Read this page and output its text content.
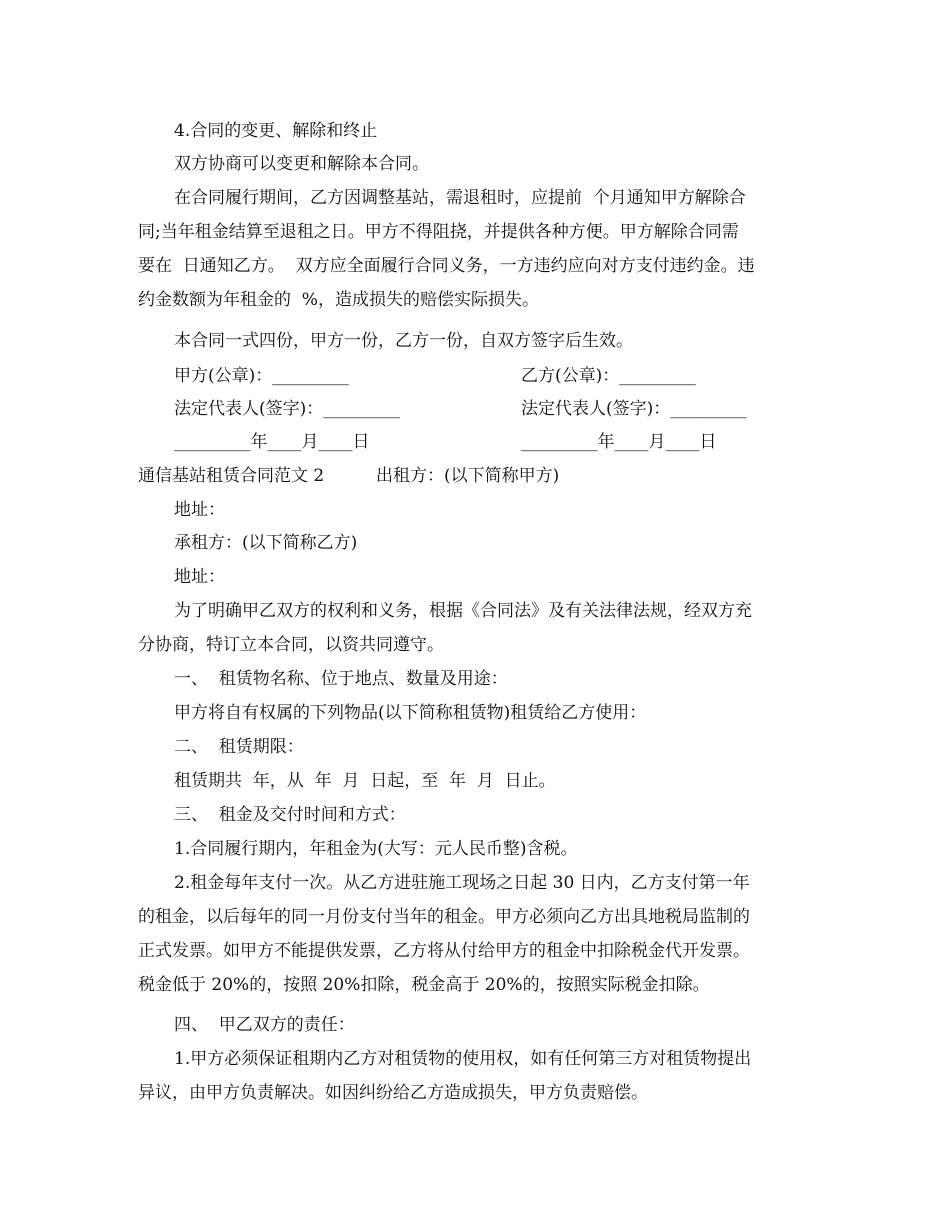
4.合同的变更、解除和终止
双方协商可以变更和解除本合同。
在合同履行期间，乙方因调整基站，需退租时，应提前  个月通知甲方解除合
同;当年租金结算至退租之日。甲方不得阻挠，并提供各种方便。甲方解除合同需
要在  日通知乙方。  双方应全面履行合同义务，一方违约应向对方支付违约金。违
约金数额为年租金的  %，造成损失的赔偿实际损失。
本合同一式四份，甲方一份，乙方一份，自双方签字后生效。
甲方(公章)：_________	乙方(公章)：_________
法定代表人(签字)：_________	法定代表人(签字)：_________
_________年____月____日	_________年____月____日
通信基站租赁合同范文 2	出租方：(以下简称甲方)
地址：
承租方：(以下简称乙方)
地址：
为了明确甲乙双方的权利和义务，根据《合同法》及有关法律法规，经双方充
分协商，特订立本合同，以资共同遵守。
一、  租赁物名称、位于地点、数量及用途：
甲方将自有权属的下列物品(以下简称租赁物)租赁给乙方使用：
二、  租赁期限：
租赁期共  年，从  年  月  日起，至  年  月  日止。
三、  租金及交付时间和方式：
1.合同履行期内，年租金为(大写：元人民币整)含税。
2.租金每年支付一次。从乙方进驻施工现场之日起 30 日内，乙方支付第一年
的租金，以后每年的同一月份支付当年的租金。甲方必须向乙方出具地税局监制的
正式发票。如甲方不能提供发票，乙方将从付给甲方的租金中扣除税金代开发票。
税金低于 20%的，按照 20%扣除，税金高于 20%的，按照实际税金扣除。
四、  甲乙双方的责任：
1.甲方必须保证租期内乙方对租赁物的使用权，如有任何第三方对租赁物提出
异议，由甲方负责解决。如因纠纷给乙方造成损失，甲方负责赔偿。
